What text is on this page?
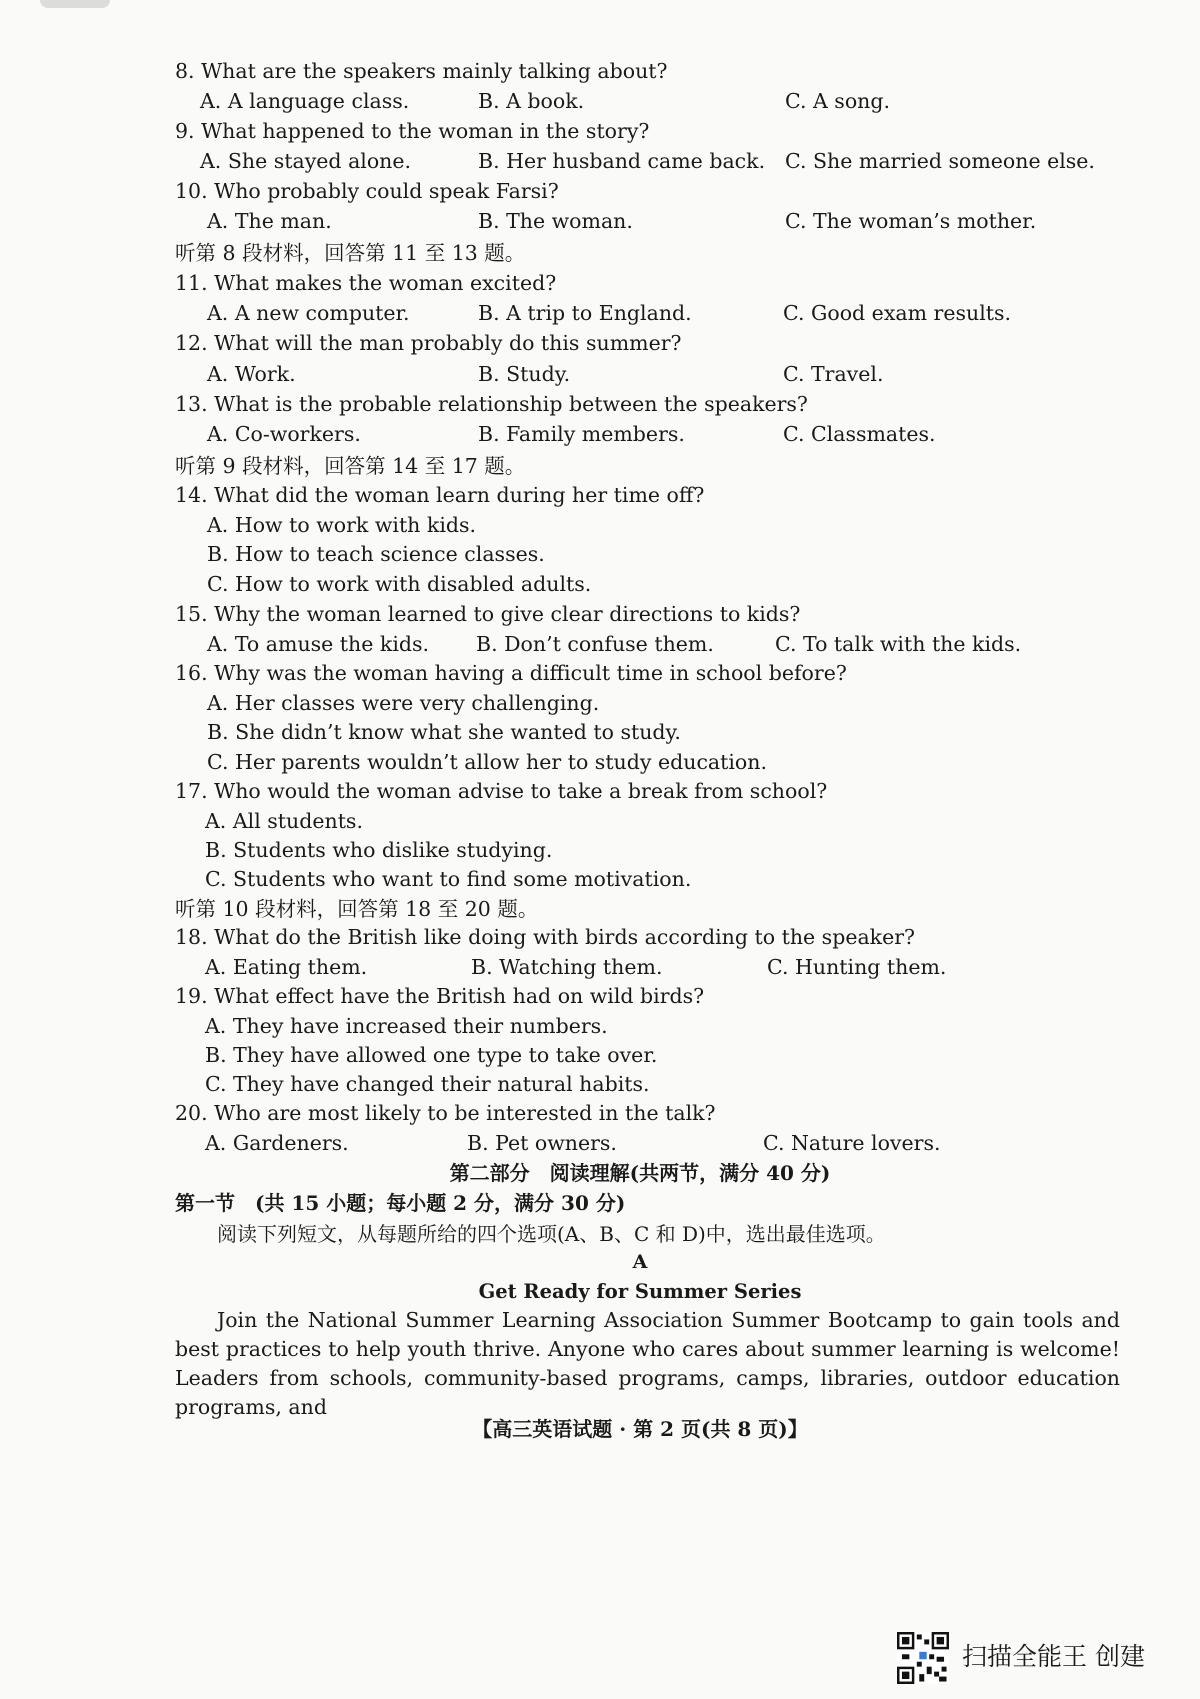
8. What are the speakers mainly talking about?
A. A language class.	B. A book.	C. A song.
9. What happened to the woman in the story?
A. She stayed alone.	B. Her husband came back. C. She married someone else.
10. Who probably could speak Farsi?
A. The man.	B. The woman.	C. The woman’s mother.
听第 8 段材料，回答第 11 至 13 题。
11. What makes the woman excited?
A. A new computer.	B. A trip to England.	C. Good exam results.
12. What will the man probably do this summer?
A. Work.	B. Study.	C. Travel.
13. What is the probable relationship between the speakers?
A. Co-workers.	B. Family members.	C. Classmates.
听第 9 段材料，回答第 14 至 17 题。
14. What did the woman learn during her time off?
A. How to work with kids.
B. How to teach science classes.
C. How to work with disabled adults.
15. Why the woman learned to give clear directions to kids?
A. To amuse the kids. B. Don’t confuse them.	C. To talk with the kids.
16. Why was the woman having a difficult time in school before?
A. Her classes were very challenging.
B. She didn’t know what she wanted to study.
C. Her parents wouldn’t allow her to study education.
17. Who would the woman advise to take a break from school?
A. All students.
B. Students who dislike studying.
C. Students who want to find some motivation.
听第 10 段材料，回答第 18 至 20 题。
18. What do the British like doing with birds according to the speaker?
A. Eating them.	B. Watching them.	C. Hunting them.
19. What effect have the British had on wild birds?
A. They have increased their numbers.
B. They have allowed one type to take over.
C. They have changed their natural habits.
20. Who are most likely to be interested in the talk?
A. Gardeners.	B. Pet owners.	C. Nature lovers.
第二部分　阅读理解(共两节，满分 40 分)
第一节　(共 15 小题；每小题 2 分，满分 30 分)
阅读下列短文，从每题所给的四个选项(A、B、C 和 D)中，选出最佳选项。
A
Get Ready for Summer Series
Join the National Summer Learning Association Summer Bootcamp to gain tools and best practices to help youth thrive. Anyone who cares about summer learning is welcome! Leaders from schools, community-based programs, camps, libraries, outdoor education programs, and
【高三英语试题 · 第 2 页(共 8 页)】
扫描全能王 创建
